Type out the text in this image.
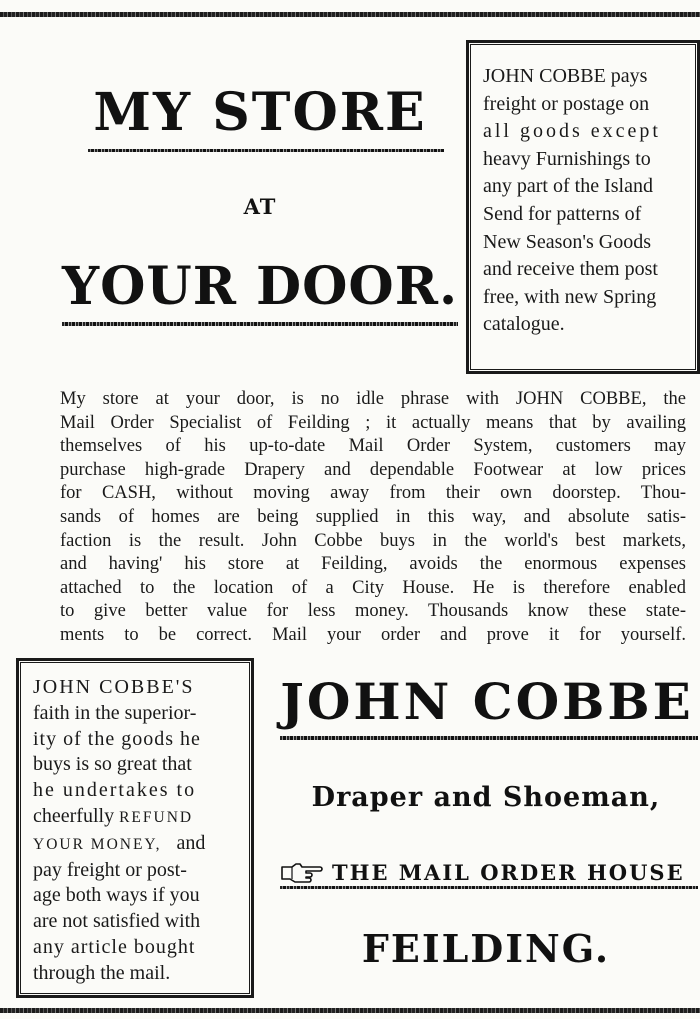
MY STORE
AT
YOUR DOOR.

JOHN COBBE pays
freight or postage on
all goods except
heavy Furnishings to
any part of the Island
Send for patterns of
New Season's Goods
and receive them post
free, with new Spring
catalogue.

My store at your door, is no idle phrase with JOHN COBBE, the
Mail Order Specialist of Feilding ; it actually means that by availing
themselves of his up-to-date Mail Order System, customers may
purchase high-grade Drapery and dependable Footwear at low prices
for CASH, without moving away from their own doorstep. Thou-
sands of homes are being supplied in this way, and absolute satis-
faction is the result. John Cobbe buys in the world's best markets,
and having' his store at Feilding, avoids the enormous expenses
attached to the location of a City House. He is therefore enabled
to give better value for less money. Thousands know these state-
ments to be correct. Mail your order and prove it for yourself.

JOHN COBBE'S
faith in the superior-
ity of the goods he
buys is so great that
he undertakes to
cheerfully REFUND
YOUR MONEY, and
pay freight or post-
age both ways if you
are not satisfied with
any article bought
through the mail.

JOHN COBBE
Draper and Shoeman,
THE MAIL ORDER HOUSE
FEILDING.
